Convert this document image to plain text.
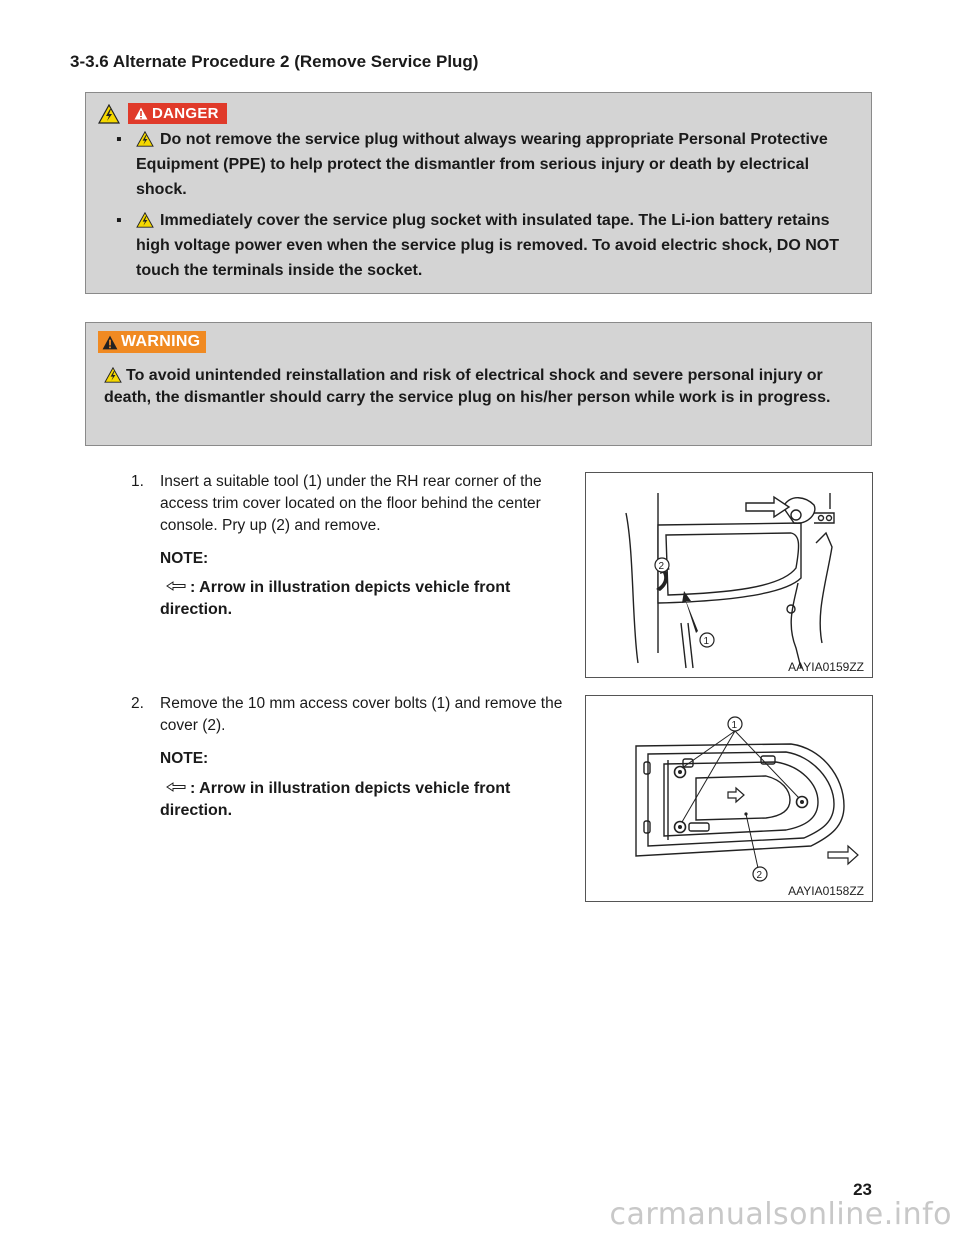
3-3.6 Alternate Procedure 2 (Remove Service Plug)
DANGER
▪ Do not remove the service plug without always wearing appropriate Personal Protective Equipment (PPE) to help protect the dismantler from serious injury or death by electrical shock.
▪ Immediately cover the service plug socket with insulated tape. The Li-ion battery retains high voltage power even when the service plug is removed. To avoid electric shock, DO NOT touch the terminals inside the socket.
WARNING
To avoid unintended reinstallation and risk of electrical shock and severe personal injury or death, the dismantler should carry the service plug on his/her person while work is in progress.
1.	Insert a suitable tool (1) under the RH rear corner of the access trim cover located on the floor behind the center console. Pry up (2) and remove.
NOTE:
: Arrow in illustration depicts vehicle front direction.
2
1
AAYIA0159ZZ
2.	Remove the 10 mm access cover bolts (1) and remove the cover (2).
NOTE:
: Arrow in illustration depicts vehicle front direction.
1
2
AAYIA0158ZZ
23
carmanualsonline.info
